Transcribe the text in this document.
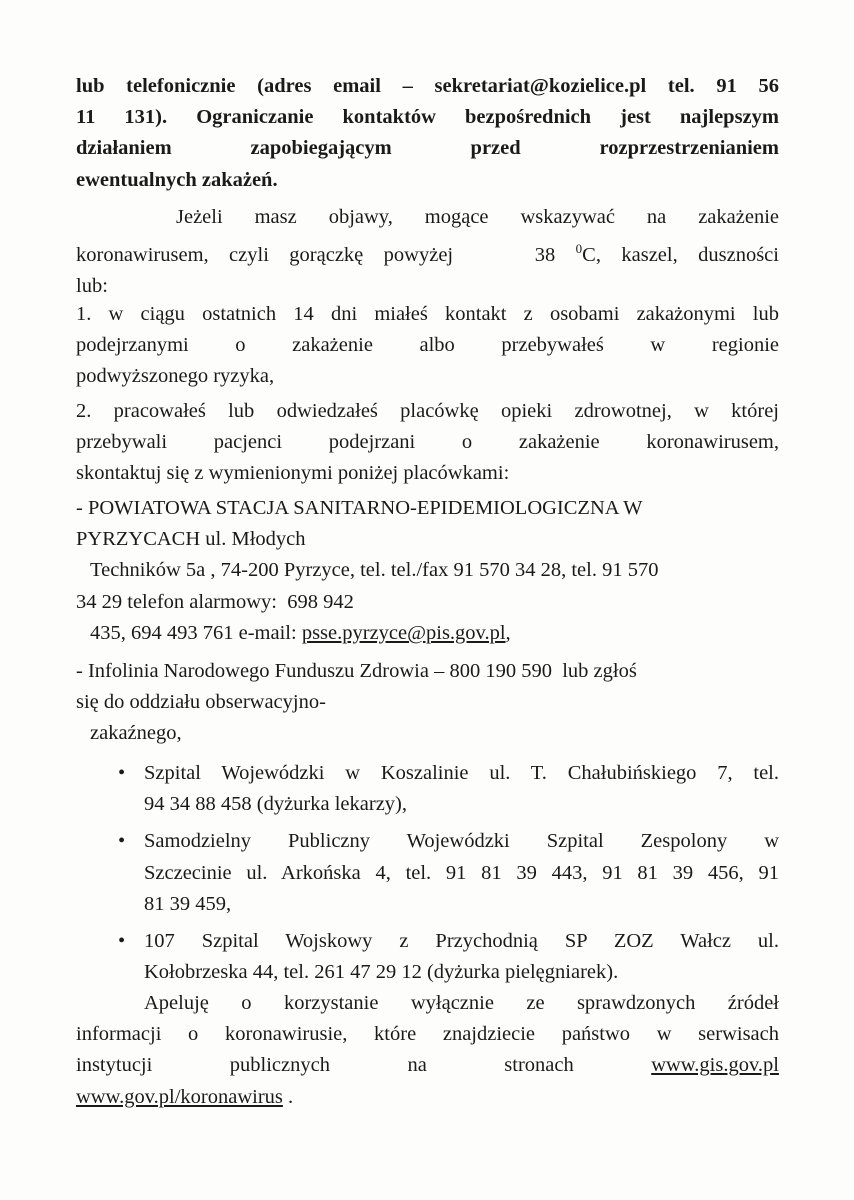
lub telefonicznie (adres email – sekretariat@kozielice.pl tel. 91 56

11 131). Ograniczanie kontaktów bezpośrednich jest najlepszym

działaniem zapobiegającym przed rozprzestrzenianiem

ewentualnych zakażeń.

Jeżeli masz objawy, mogące wskazywać na zakażenie

koronawirusem, czyli gorączkę powyżej    38 $^0$C, kaszel, duszności

lub:

1. w ciągu ostatnich 14 dni miałeś kontakt z osobami zakażonymi lub

podejrzanymi o zakażenie albo przebywałeś w regionie

podwyższonego ryzyka,

2. pracowałeś lub odwiedzałeś placówkę opieki zdrowotnej, w której

przebywali pacjenci podejrzani o zakażenie koronawirusem,

skontaktuj się z wymienionymi poniżej placówkami:

- POWIATOWA STACJA SANITARNO-EPIDEMIOLOGICZNA W

PYRZYCACH ul. Młodych

Techników 5a , 74-200 Pyrzyce, tel. tel./fax 91 570 34 28, tel. 91 570

34 29 telefon alarmowy:  698 942

435, 694 493 761 e-mail: psse.pyrzyce@pis.gov.pl,

- Infolinia Narodowego Funduszu Zdrowia – 800 190 590  lub zgłoś

się do oddziału obserwacyjno-

zakaźnego,

• Szpital Wojewódzki w Koszalinie ul. T. Chałubińskiego 7, tel.

94 34 88 458 (dyżurka lekarzy),

• Samodzielny Publiczny Wojewódzki Szpital Zespolony w

Szczecinie ul. Arkońska 4, tel. 91 81 39 443, 91 81 39 456, 91

81 39 459,

• 107 Szpital Wojskowy z Przychodnią SP ZOZ Wałcz ul.

Kołobrzeska 44, tel. 261 47 29 12 (dyżurka pielęgniarek).

Apeluję o korzystanie wyłącznie ze sprawdzonych źródeł

informacji o koronawirusie, które znajdziecie państwo w serwisach

instytucji	publicznych	na	stronach	www.gis.gov.pl

www.gov.pl/koronawirus .
